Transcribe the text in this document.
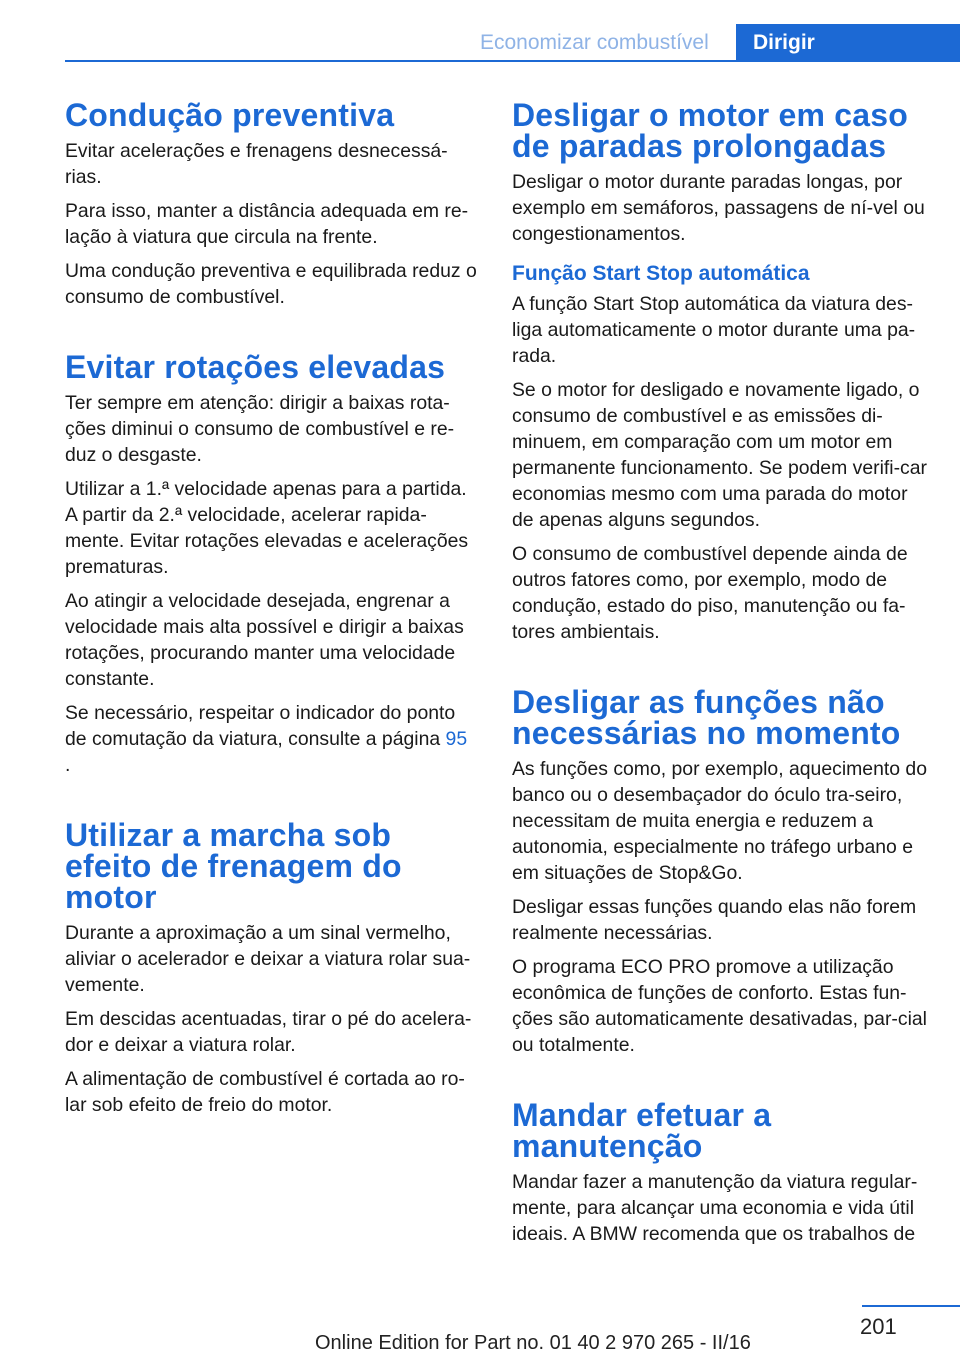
Economizar combustível Dirigir
Condução preventiva

Evitar acelerações e frenagens desnecessá-rias.

Para isso, manter a distância adequada em re-lação à viatura que circula na frente.

Uma condução preventiva e equilibrada reduz o consumo de combustível.

Evitar rotações elevadas

Ter sempre em atenção: dirigir a baixas rota-ções diminui o consumo de combustível e re-duz o desgaste.

Utilizar a 1.ª velocidade apenas para a partida. A partir da 2.ª velocidade, acelerar rapida-mente. Evitar rotações elevadas e acelerações prematuras.

Ao atingir a velocidade desejada, engrenar a velocidade mais alta possível e dirigir a baixas rotações, procurando manter uma velocidade constante.

Se necessário, respeitar o indicador do ponto de comutação da viatura, consulte a página 95 .

Utilizar a marcha sob efeito de frenagem do motor

Durante a aproximação a um sinal vermelho, aliviar o acelerador e deixar a viatura rolar sua-vemente.

Em descidas acentuadas, tirar o pé do acelera-dor e deixar a viatura rolar.

A alimentação de combustível é cortada ao ro-lar sob efeito de freio do motor.

Desligar o motor em caso de paradas prolongadas

Desligar o motor durante paradas longas, por exemplo em semáforos, passagens de ní-vel ou congestionamentos.

Função Start Stop automática

A função Start Stop automática da viatura des-liga automaticamente o motor durante uma pa-rada.

Se o motor for desligado e novamente ligado, o consumo de combustível e as emissões di-minuem, em comparação com um motor em permanente funcionamento. Se podem verifi-car economias mesmo com uma parada do motor de apenas alguns segundos.

O consumo de combustível depende ainda de outros fatores como, por exemplo, modo de condução, estado do piso, manutenção ou fa-tores ambientais.

Desligar as funções não necessárias no momento

As funções como, por exemplo, aquecimento do banco ou o desembaçador do óculo tra-seiro, necessitam de muita energia e reduzem a autonomia, especialmente no tráfego urbano e em situações de Stop&Go.

Desligar essas funções quando elas não forem realmente necessárias.

O programa ECO PRO promove a utilização econômica de funções de conforto. Estas fun-ções são automaticamente desativadas, par-cial ou totalmente.

Mandar efetuar a manutenção

Mandar fazer a manutenção da viatura regular-mente, para alcançar uma economia e vida útil ideais. A BMW recomenda que os trabalhos de

201
Online Edition for Part no. 01 40 2 970 265 - II/16
